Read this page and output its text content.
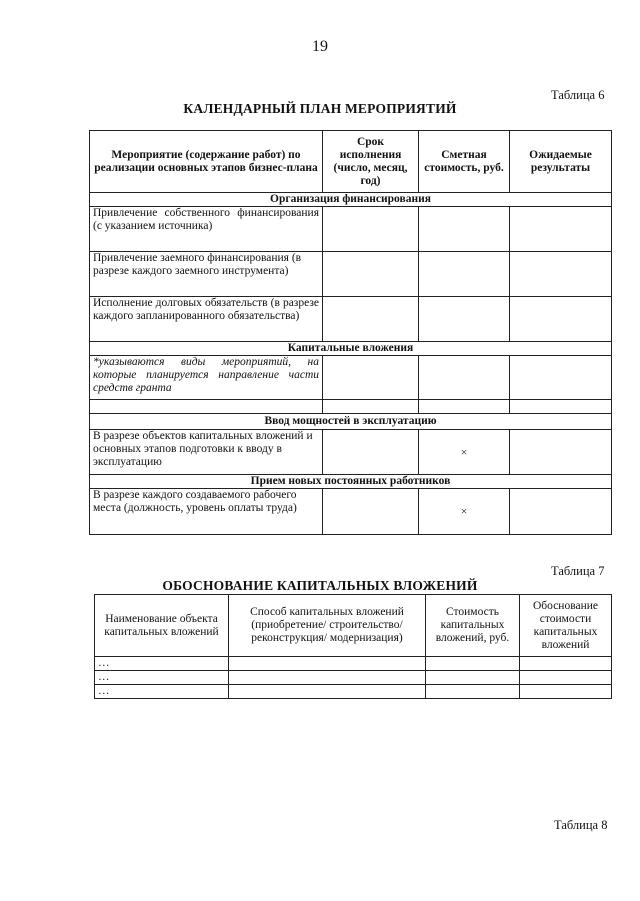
19
Таблица 6
КАЛЕНДАРНЫЙ ПЛАН МЕРОПРИЯТИЙ
Мероприятие (содержание работ) по реализации основных этапов бизнес-плана	Срок исполнения (число, месяц, год)	Сметная стоимость, руб.	Ожидаемые результаты
Организация финансирования			
Привлечение собственного финансирования (с указанием источника)			
Привлечение заемного финансирования (в разрезе каждого заемного инструмента)			
Исполнение долговых обязательств (в разрезе каждого запланированного обязательства)			
Капитальные вложения			
*указываются виды мероприятий, на которые планируется направление части средств гранта			

Ввод мощностей в эксплуатацию			
В разрезе объектов капитальных вложений и основных этапов подготовки к вводу в эксплуатацию		×	
Прием новых постоянных работников			
В разрезе каждого создаваемого рабочего места (должность, уровень оплаты труда)		×	
Таблица 7
ОБОСНОВАНИЕ КАПИТАЛЬНЫХ ВЛОЖЕНИЙ
Наименование объекта капитальных вложений	Способ капитальных вложений (приобретение/ строительство/реконструкция/ модернизация)	Стоимость капитальных вложений, руб.	Обоснование стоимости капитальных вложений
…			
…			
…			
Таблица 8
